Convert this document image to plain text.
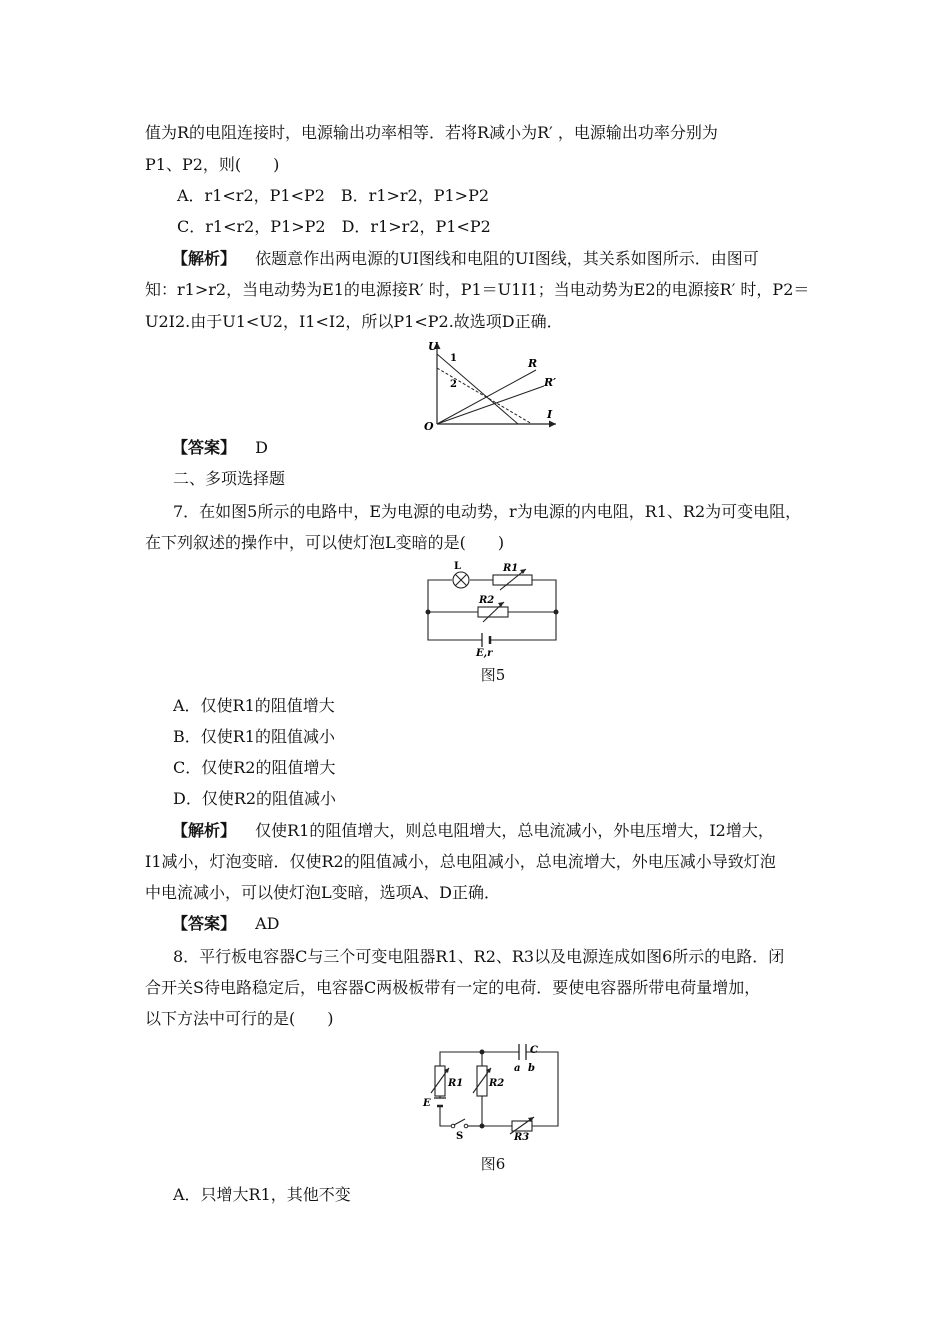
值为R的电阻连接时，电源输出功率相等．若将R减小为R′ ，电源输出功率分别为
P1、P2，则(　　)
A．r1<r2，P1<P2　B．r1>r2，P1>P2
C．r1<r2，P1>P2　D．r1>r2，P1<P2
【解析】 依题意作出两电源的UI图线和电阻的UI图线，其关系如图所示．由图可
知：r1>r2，当电动势为E1的电源接R′ 时，P1＝U1I1；当电动势为E2的电源接R′ 时，P2＝
U2I2.由于U1<U2，I1<I2，所以P1<P2.故选项D正确．
U
I
O
1
2
R
R′
【答案】 D
二、多项选择题
7．在如图5所示的电路中，E为电源的电动势，r为电源的内电阻，R1、R2为可变电阻，
在下列叙述的操作中，可以使灯泡L变暗的是(　　)
L	R1
R2
E,r
图5
A．仅使R1的阻值增大
B．仅使R1的阻值减小
C．仅使R2的阻值增大
D．仅使R2的阻值减小
【解析】 仅使R1的阻值增大，则总电阻增大，总电流减小，外电压增大，I2增大，
I1减小，灯泡变暗．仅使R2的阻值减小，总电阻减小，总电流增大，外电压减小导致灯泡
中电流减小，可以使灯泡L变暗，选项A、D正确．
【答案】 AD
8．平行板电容器C与三个可变电阻器R1、R2、R3以及电源连成如图6所示的电路．闭
合开关S待电路稳定后，电容器C两极板带有一定的电荷．要使电容器所带电荷量增加，
以下方法中可行的是(　　)
C
a b
R1	R2
R3
E
S
图6
A．只增大R1，其他不变
